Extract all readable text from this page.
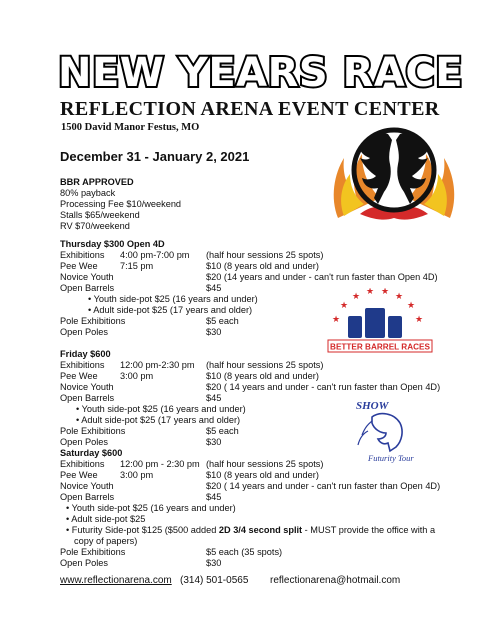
NEW YEARS RACE
REFLECTION ARENA EVENT CENTER
1500 David Manor Festus, MO
December 31 - January 2, 2021
BBR APPROVED
80% payback
Processing Fee $10/weekend
Stalls $65/weekend
RV $70/weekend
Thursday $300 Open 4D
Exhibitions 4:00 pm-7:00 pm (half hour sessions 25 spots)
Pee Wee 7:15 pm	$10 (8 years old and under)
Novice Youth	$20 (14 years and under - can't run faster than Open 4D)
Open Barrels	$45
• Youth side-pot $25 (16 years and under)
• Adult side-pot $25 (17 years and older)
Pole Exhibitions	$5 each
Open Poles	$30
Friday $600
Exhibitions 12:00 pm-2:30 pm (half hour sessions 25 spots)
Pee Wee 3:00 pm	$10 (8 years old and under)
Novice Youth	$20 ( 14 years and under - can't run faster than Open 4D)
Open Barrels	$45
• Youth side-pot $25 (16 years and under)
• Adult side-pot $25 (17 years and older)
Pole Exhibitions	$5 each
Open Poles	$30
Saturday $600
Exhibitions 12:00 pm - 2:30 pm (half hour sessions 25 spots)
Pee Wee 3:00 pm	$10 (8 years old and under)
Novice Youth	$20 ( 14 years and under - can't run faster than Open 4D)
Open Barrels	$45
• Youth side-pot $25 (16 years and under)
• Adult side-pot $25
• Futurity Side-pot $125 ($500 added 2D 3/4 second split - MUST provide the office with a
copy of papers)
Pole Exhibitions	$5 each (35 spots)
Open Poles	$30
www.reflectionarena.com (314) 501-0565 reflectionarena@hotmail.com
★
★
★ ★ ★ ★
★
★
BETTER BARREL RACES
SHOW
Futurity Tour
